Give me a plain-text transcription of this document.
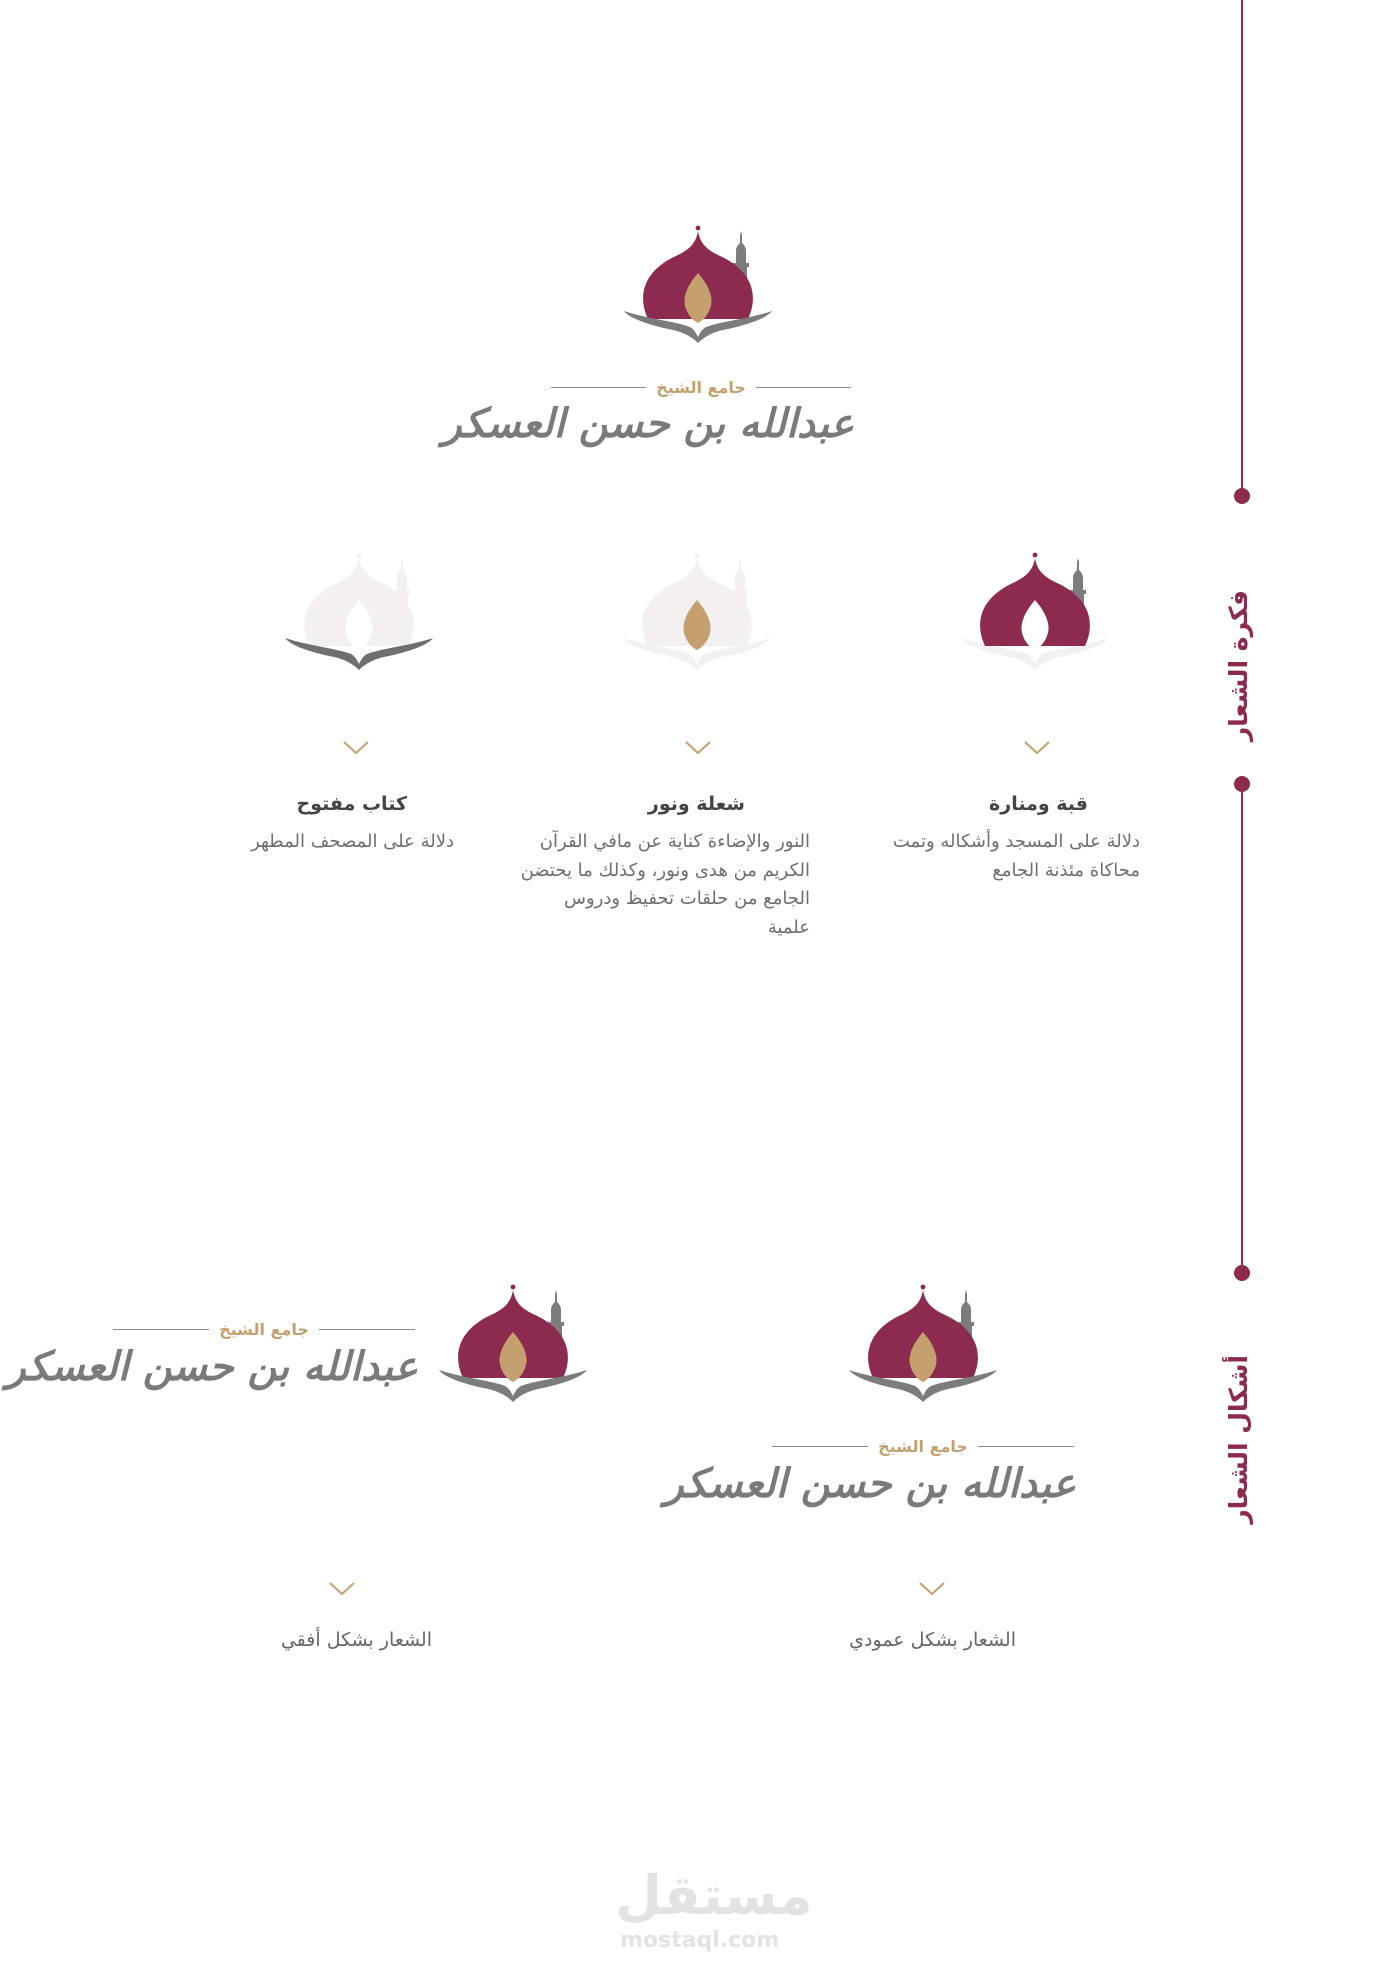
فكرة الشعار
أشكال الشعار
جامع الشيخ
عبدالله بن حسن العسكر
قبة ومنارة
دلالة على المسجد وأشكاله وتمت محاكاة مئذنة الجامع
شعلة ونور
النور والإضاءة كناية عن مافي القرآن الكريم من هدى ونور، وكذلك ما يحتضن الجامع من حلقات تحفيظ ودروس علمية
كتاب مفتوح
دلالة على المصحف المطهر
جامع الشيخ
عبدالله بن حسن العسكر
جامع الشيخ
عبدالله بن حسن العسكر
الشعار بشكل عمودي
الشعار بشكل أفقي
مستقل
mostaql.com
